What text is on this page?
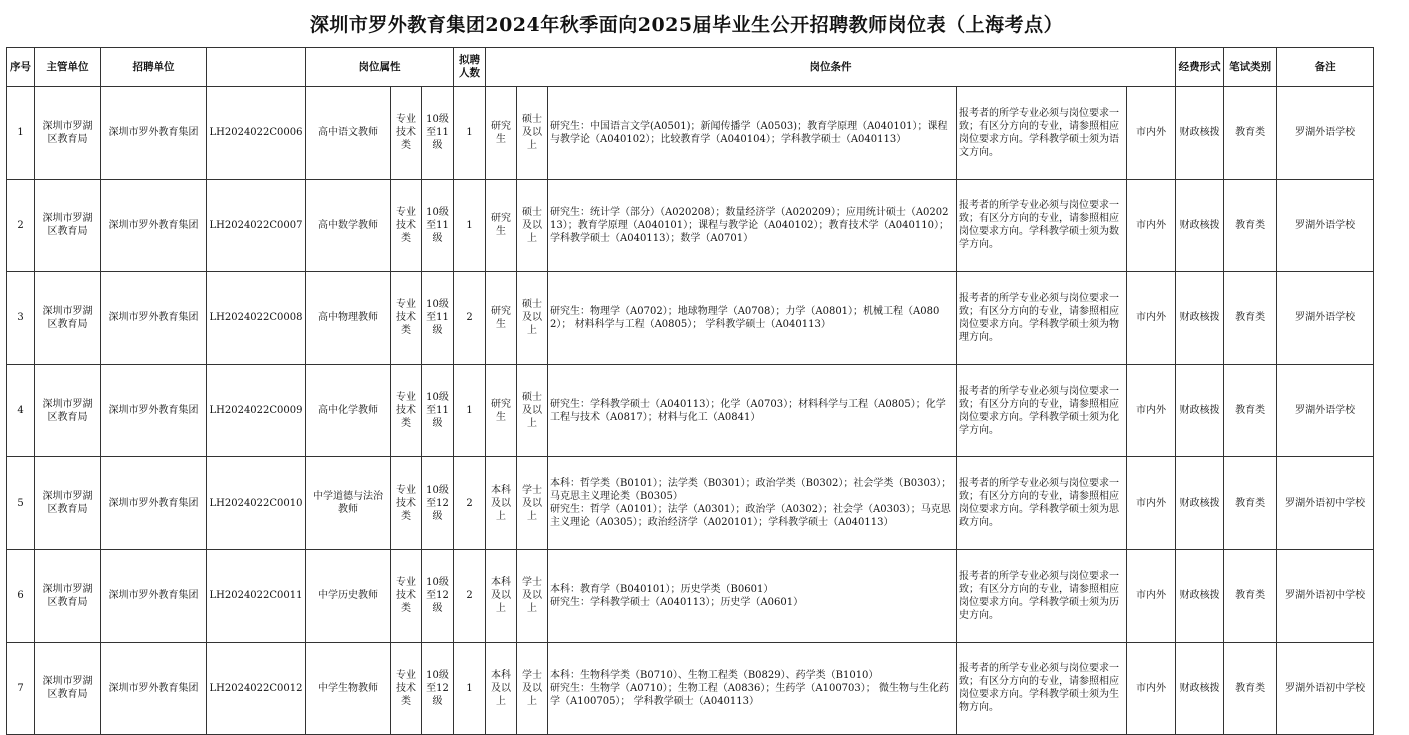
深圳市罗外教育集团2024年秋季面向2025届毕业生公开招聘教师岗位表（上海考点）
序号	主管单位	招聘单位		岗位属性			拟聘
人数	岗位条件					经费形式	笔试类别	备注
1	深圳市罗湖
区教育局	深圳市罗外教育集团	LH2024022C0006	高中语文教师	专业
技术
类	10级
至11
级	1	研究
生	硕士
及以
上	研究生：中国语言文学(A0501)；新闻传播学（A0503)；教育学原理（A040101）；课程与教学论（A040102）；比较教育学（A040104）；学科教学硕士（A040113）	报考者的所学专业必须与岗位要求一致；有区分方向的专业，请参照相应岗位要求方向。学科教学硕士须为语文方向。	市内外	财政核拨	教育类	罗湖外语学校
2	深圳市罗湖
区教育局	深圳市罗外教育集团	LH2024022C0007	高中数学教师	专业
技术
类	10级
至11
级	1	研究
生	硕士
及以
上	研究生：统计学（部分）（A020208）；数量经济学（A020209）；应用统计硕士（A020213）；教育学原理（A040101）；课程与教学论（A040102）；教育技术学（A040110）；学科教学硕士（A040113）；数学（A0701）	报考者的所学专业必须与岗位要求一致；有区分方向的专业，请参照相应岗位要求方向。学科教学硕士须为数学方向。	市内外	财政核拨	教育类	罗湖外语学校
3	深圳市罗湖
区教育局	深圳市罗外教育集团	LH2024022C0008	高中物理教师	专业
技术
类	10级
至11
级	2	研究
生	硕士
及以
上	研究生：物理学（A0702）；地球物理学（A0708）；力学（A0801）；机械工程（A0802）； 材料科学与工程（A0805）； 学科教学硕士（A040113）	报考者的所学专业必须与岗位要求一致；有区分方向的专业，请参照相应岗位要求方向。学科教学硕士须为物理方向。	市内外	财政核拨	教育类	罗湖外语学校
4	深圳市罗湖
区教育局	深圳市罗外教育集团	LH2024022C0009	高中化学教师	专业
技术
类	10级
至11
级	1	研究
生	硕士
及以
上	研究生：学科教学硕士（A040113）；化学（A0703）；材料科学与工程（A0805）；化学工程与技术（A0817）；材料与化工（A0841）	报考者的所学专业必须与岗位要求一致；有区分方向的专业，请参照相应岗位要求方向。学科教学硕士须为化学方向。	市内外	财政核拨	教育类	罗湖外语学校
5	深圳市罗湖
区教育局	深圳市罗外教育集团	LH2024022C0010	中学道德与法治
教师	专业
技术
类	10级
至12
级	2	本科
及以
上	学士
及以
上	本科：哲学类（B0101）；法学类（B0301）；政治学类（B0302）；社会学类（B0303）； 马克思主义理论类（B0305）
研究生：哲学（A0101）；法学（A0301）；政治学（A0302）；社会学（A0303）；马克思主义理论（A0305）；政治经济学（A020101）；学科教学硕士（A040113）	报考者的所学专业必须与岗位要求一致；有区分方向的专业，请参照相应岗位要求方向。学科教学硕士须为思政方向。	市内外	财政核拨	教育类	罗湖外语初中学校
6	深圳市罗湖
区教育局	深圳市罗外教育集团	LH2024022C0011	中学历史教师	专业
技术
类	10级
至12
级	2	本科
及以
上	学士
及以
上	本科：教育学（B040101）；历史学类（B0601）
研究生：学科教学硕士（A040113）；历史学（A0601）	报考者的所学专业必须与岗位要求一致；有区分方向的专业，请参照相应岗位要求方向。学科教学硕士须为历史方向。	市内外	财政核拨	教育类	罗湖外语初中学校
7	深圳市罗湖
区教育局	深圳市罗外教育集团	LH2024022C0012	中学生物教师	专业
技术
类	10级
至12
级	1	本科
及以
上	学士
及以
上	本科：生物科学类（B0710）、生物工程类（B0829）、药学类（B1010）
研究生：生物学（A0710）；生物工程（A0836）；生药学（A100703）； 微生物与生化药学（A100705）； 学科教学硕士（A040113）	报考者的所学专业必须与岗位要求一致；有区分方向的专业，请参照相应岗位要求方向。学科教学硕士须为生物方向。	市内外	财政核拨	教育类	罗湖外语初中学校
